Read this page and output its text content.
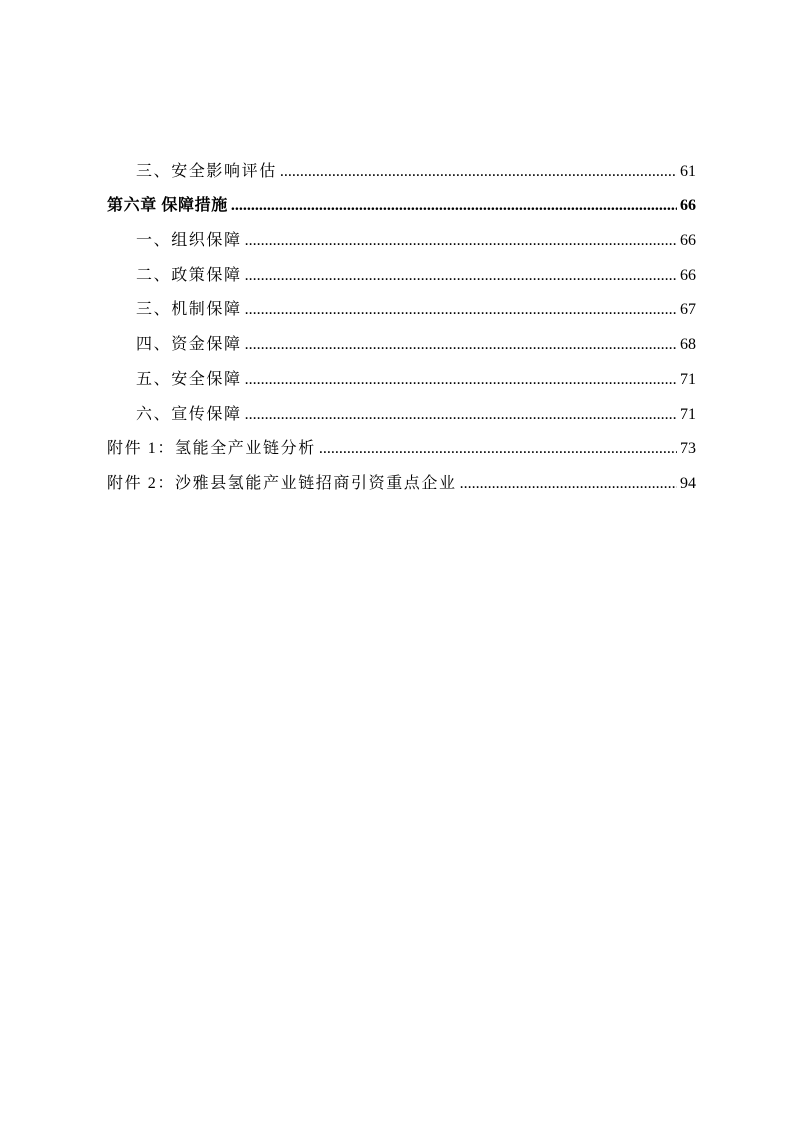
三、安全影响评估 .....	61
第六章 保障措施 .....	66
一、组织保障 .....	66
二、政策保障 .....	66
三、机制保障 .....	67
四、资金保障 .....	68
五、安全保障 .....	71
六、宣传保障 .....	71
附件 1：氢能全产业链分析 .....	73
附件 2：沙雅县氢能产业链招商引资重点企业 .....	94
